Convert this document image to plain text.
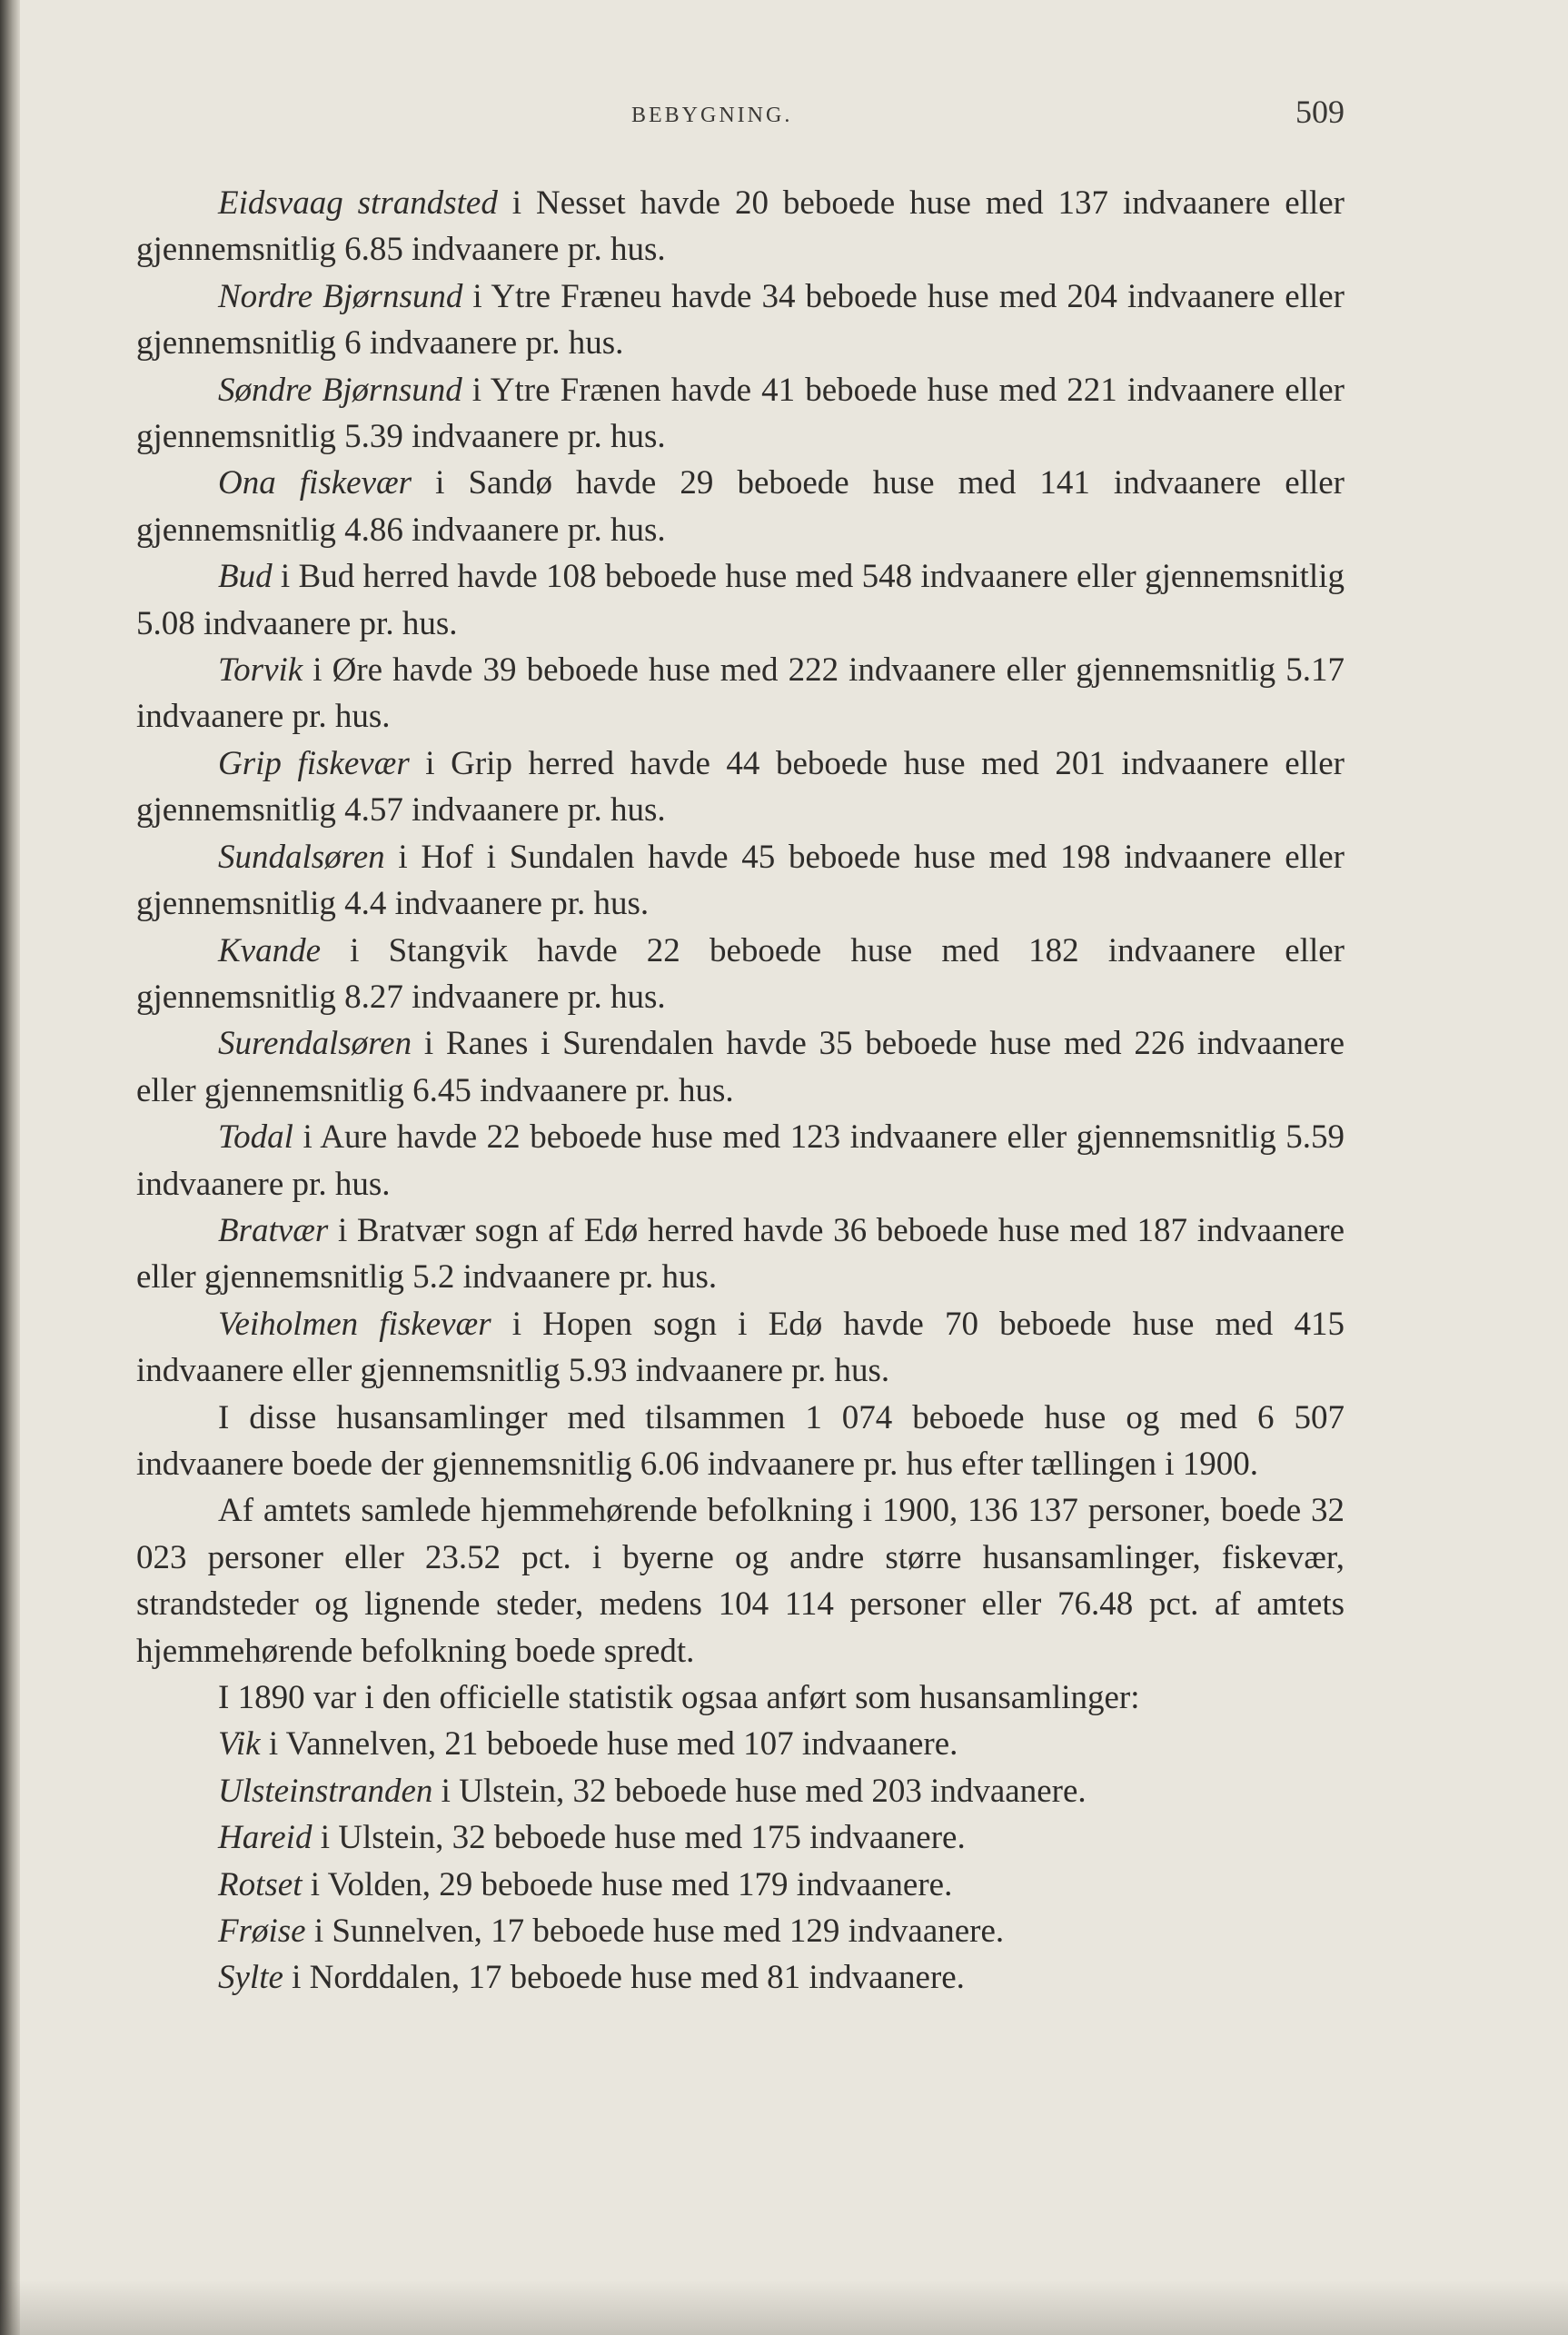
BEBYGNING.	509

Eidsvaag strandsted i Nesset havde 20 beboede huse med 137 indvaanere eller gjennemsnitlig 6.85 indvaanere pr. hus.

Nordre Bjørnsund i Ytre Fræneu havde 34 beboede huse med 204 indvaanere eller gjennemsnitlig 6 indvaanere pr. hus.

Søndre Bjørnsund i Ytre Frænen havde 41 beboede huse med 221 indvaanere eller gjennemsnitlig 5.39 indvaanere pr. hus.

Ona fiskevær i Sandø havde 29 beboede huse med 141 indvaanere eller gjennemsnitlig 4.86 indvaanere pr. hus.

Bud i Bud herred havde 108 beboede huse med 548 indvaanere eller gjennemsnitlig 5.08 indvaanere pr. hus.

Torvik i Øre havde 39 beboede huse med 222 indvaanere eller gjennemsnitlig 5.17 indvaanere pr. hus.

Grip fiskevær i Grip herred havde 44 beboede huse med 201 indvaanere eller gjennemsnitlig 4.57 indvaanere pr. hus.

Sundalsøren i Hof i Sundalen havde 45 beboede huse med 198 indvaanere eller gjennemsnitlig 4.4 indvaanere pr. hus.

Kvande i Stangvik havde 22 beboede huse med 182 indvaanere eller gjennemsnitlig 8.27 indvaanere pr. hus.

Surendalsøren i Ranes i Surendalen havde 35 beboede huse med 226 indvaanere eller gjennemsnitlig 6.45 indvaanere pr. hus.

Todal i Aure havde 22 beboede huse med 123 indvaanere eller gjennemsnitlig 5.59 indvaanere pr. hus.

Bratvær i Bratvær sogn af Edø herred havde 36 beboede huse med 187 indvaanere eller gjennemsnitlig 5.2 indvaanere pr. hus.

Veiholmen fiskevær i Hopen sogn i Edø havde 70 beboede huse med 415 indvaanere eller gjennemsnitlig 5.93 indvaanere pr. hus.

I disse husansamlinger med tilsammen 1 074 beboede huse og med 6 507 indvaanere boede der gjennemsnitlig 6.06 indvaanere pr. hus efter tællingen i 1900.

Af amtets samlede hjemmehørende befolkning i 1900, 136 137 personer, boede 32 023 personer eller 23.52 pct. i byerne og andre større husansamlinger, fiskevær, strandsteder og lignende steder, medens 104 114 personer eller 76.48 pct. af amtets hjemmehørende befolkning boede spredt.

I 1890 var i den officielle statistik ogsaa anført som husansamlinger:

Vik i Vannelven, 21 beboede huse med 107 indvaanere.

Ulsteinstranden i Ulstein, 32 beboede huse med 203 indvaanere.

Hareid i Ulstein, 32 beboede huse med 175 indvaanere.

Rotset i Volden, 29 beboede huse med 179 indvaanere.

Frøise i Sunnelven, 17 beboede huse med 129 indvaanere.

Sylte i Norddalen, 17 beboede huse med 81 indvaanere.
